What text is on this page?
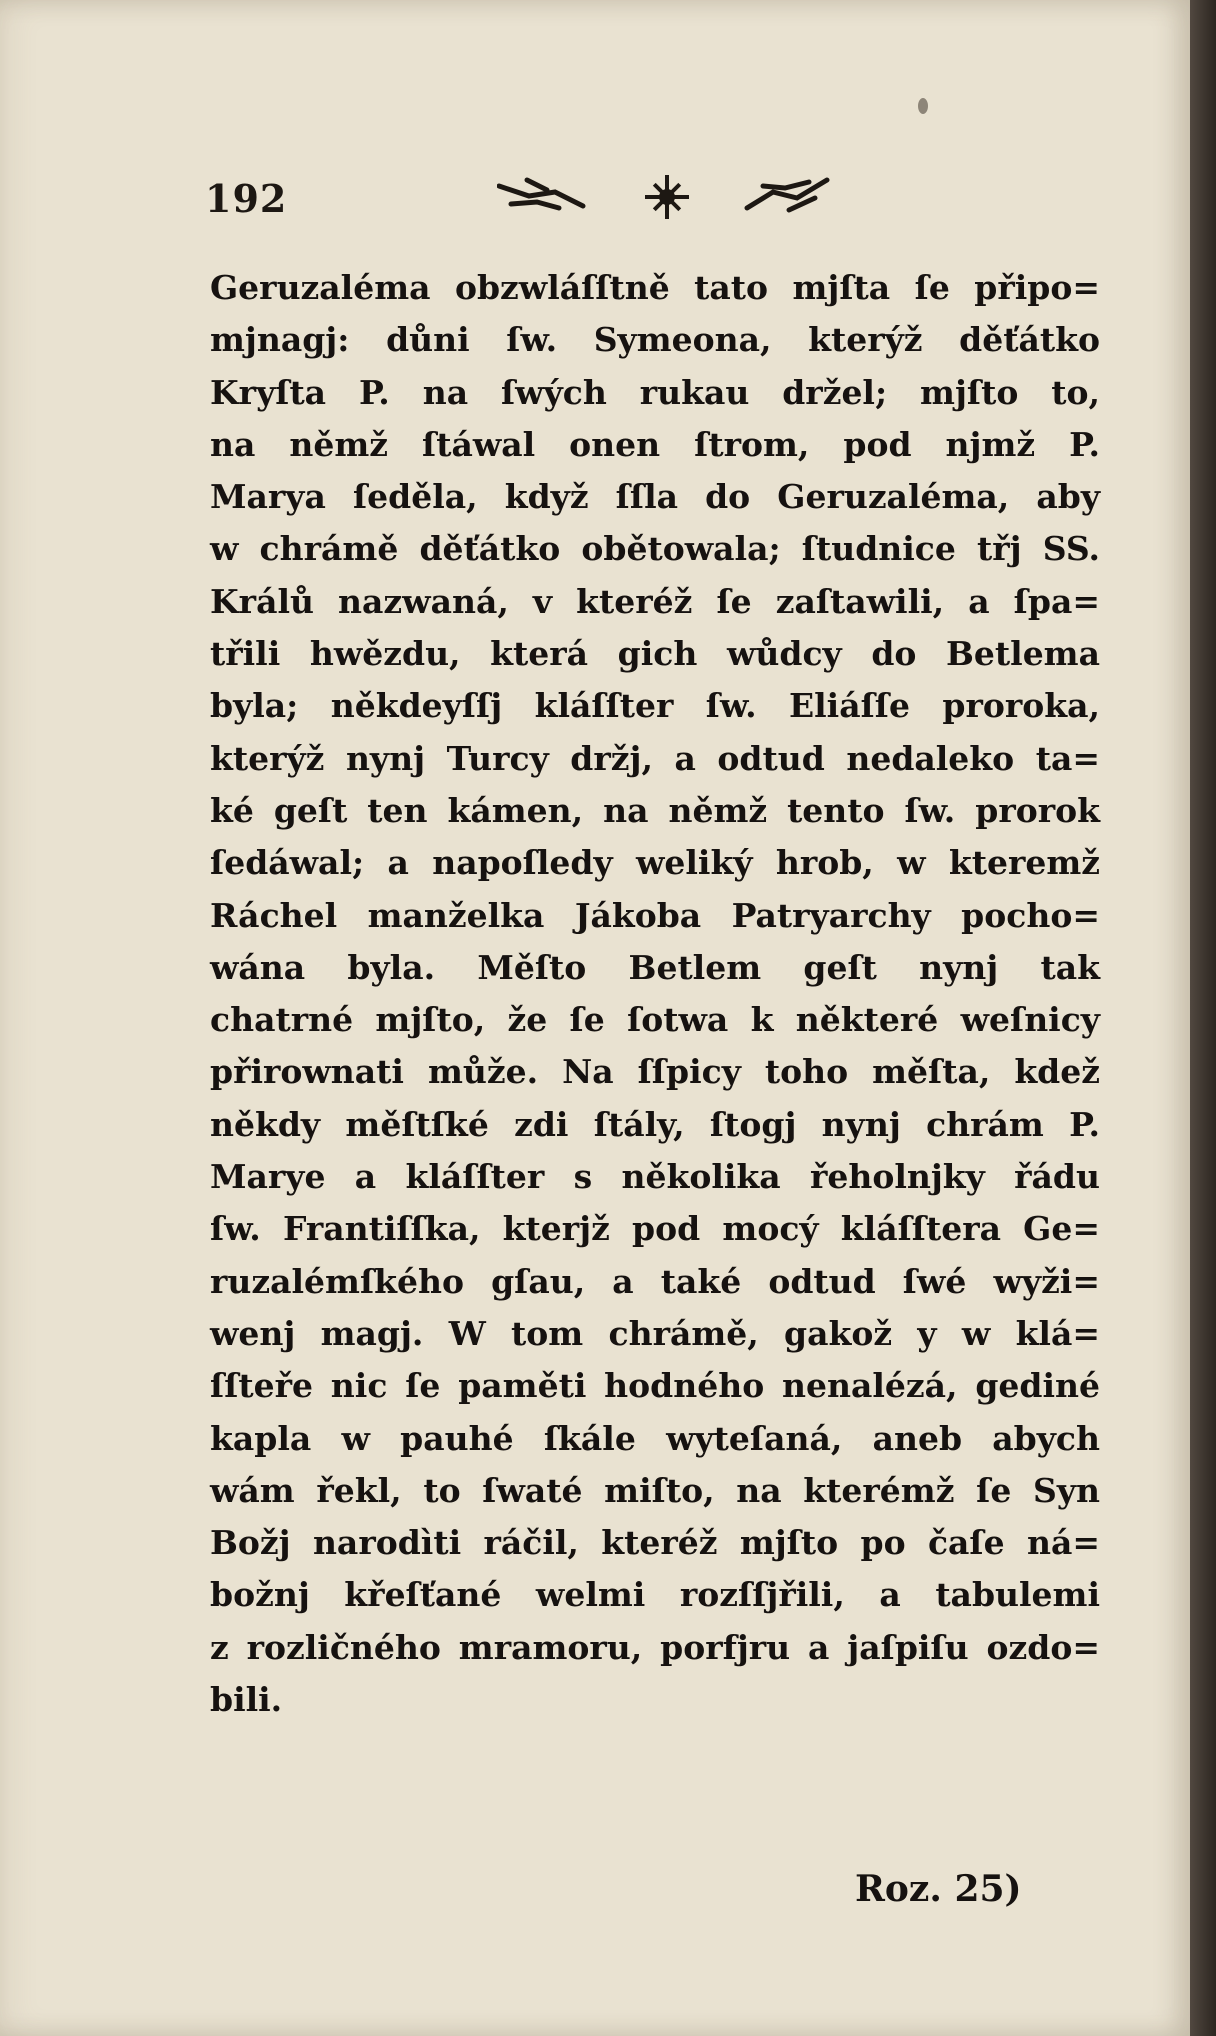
192
Geruzaléma obzwláſſtně tato mjſta ſe připo=
mjnagj: důni ſw. Symeona, kterýž děťátko
Kryſta P. na ſwých rukau držel; mjſto to,
na němž ſtáwal onen ſtrom, pod njmž P.
Marya ſeděla, když ſſla do Geruzaléma, aby
w chrámě děťátko obětowala; ſtudnice třj SS.
Králů nazwaná, v kteréž ſe zaſtawili, a ſpa=
třili hwězdu, která gich wůdcy do Betlema
byla; někdeyſſj kláſſter ſw. Eliáſſe proroka,
kterýž nynj Turcy držj, a odtud nedaleko ta=
ké geſt ten kámen, na němž tento ſw. prorok
ſedáwal; a napoſledy weliký hrob, w kteremž
Ráchel manželka Jákoba Patryarchy pocho=
wána byla. Měſto Betlem geſt nynj tak
chatrné mjſto, že ſe ſotwa k některé weſnicy
přirownati může. Na ſſpicy toho měſta, kdež
někdy měſtſké zdi ſtály, ſtogj nynj chrám P.
Marye a kláſſter s několika řeholnjky řádu
ſw. Frantiſſka, kterjž pod mocý kláſſtera Ge=
ruzalémſkého gſau, a také odtud ſwé wyži=
wenj magj. W tom chrámě, gakož y w klá=
ſſteře nic ſe paměti hodného nenalézá, gediné
kapla w pauhé ſkále wyteſaná, aneb abych
wám řekl, to ſwaté miſto, na kterémž ſe Syn
Božj narodìti ráčil, kteréž mjſto po čaſe ná=
božnj křeſťané welmi rozſſjřili, a tabulemi
z rozličného mramoru, porfjru a jaſpiſu ozdo=
bili.
Roz. 25)
